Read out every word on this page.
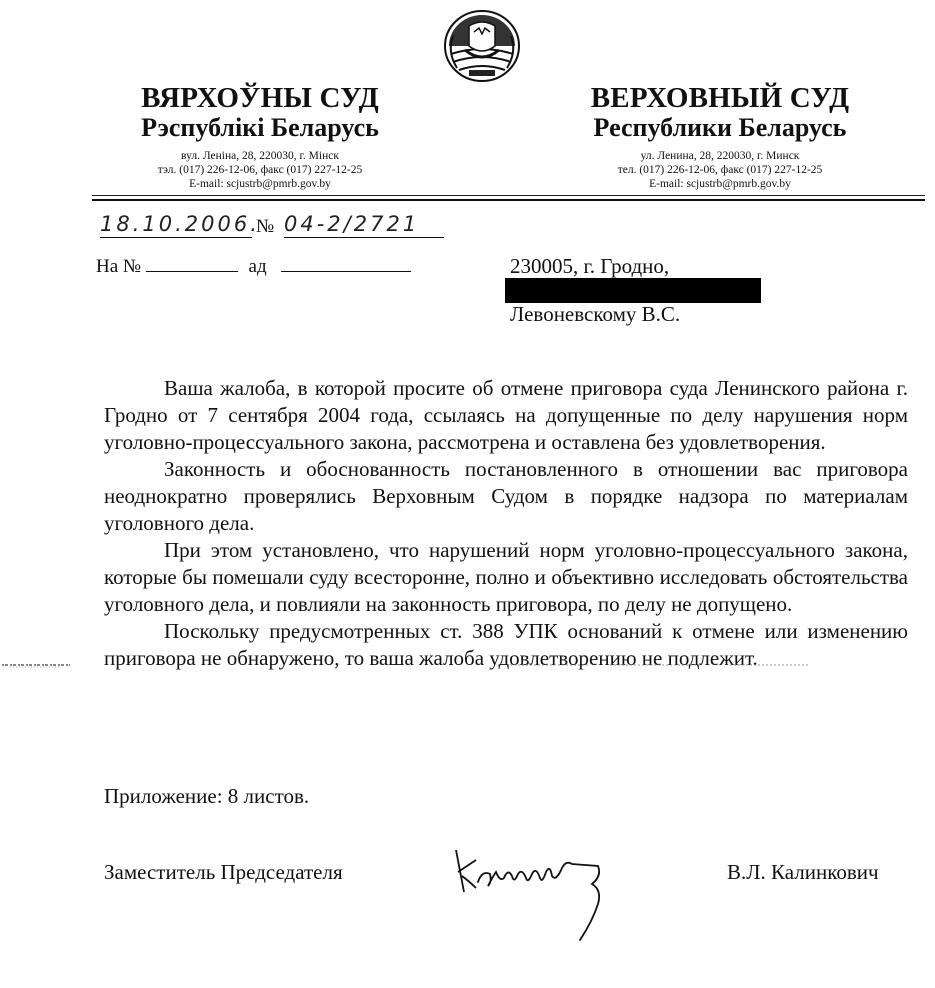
ВЯРХОЎНЫ СУД
Рэспублікі Беларусь
вул. Леніна, 28, 220030, г. Мінск
тэл. (017) 226-12-06, факс (017) 227-12-25
E-mail: scjustrb@pmrb.gov.by
ВЕРХОВНЫЙ СУД
Республики Беларусь
ул. Ленина, 28, 220030, г. Минск
тел. (017) 226-12-06, факс (017) 227-12-25
E-mail: scjustrb@pmrb.gov.by
18.10.2006.
№ 04-2/2721
На №	ад	230005, г. Гродно,
Левоневскому В.С.

Ваша жалоба, в которой просите об отмене приговора суда Ленинского района г. Гродно от 7 сентября 2004 года, ссылаясь на допущенные по делу нарушения норм уголовно-процессуального закона, рассмотрена и оставлена без удовлетворения.

Законность и обоснованность постановленного в отношении вас приговора неоднократно проверялись Верховным Судом в порядке надзора по материалам уголовного дела.

При этом установлено, что нарушений норм уголовно-процессуального закона, которые бы помешали суду всесторонне, полно и объективно исследовать обстоятельства уголовного дела, и повлияли на законность приговора, по делу не допущено.

Поскольку предусмотренных ст. 388 УПК оснований к отмене или изменению приговора не обнаружено, то ваша жалоба удовлетворению не подлежит.

Приложение: 8 листов.
Заместитель Председателя	В.Л. Калинкович
